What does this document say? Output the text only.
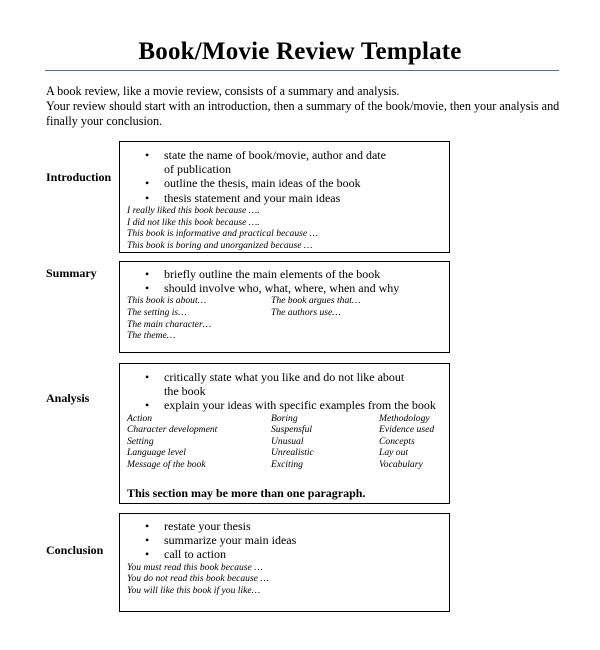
Book/Movie Review Template
A book review, like a movie review, consists of a summary and analysis.
Your review should start with an introduction, then a summary of the book/movie, then your analysis and
finally your conclusion.
Introduction
• state the name of book/movie, author and date of publication
• outline the thesis, main ideas of the book
• thesis statement and your main ideas
I really liked this book because ….
I did not like this book because ….
This book is informative and practical because …
This book is boring and unorganized because …
Summary
•	briefly outline the main elements of the book
• should involve who, what, where, when and why
This book is about…
The setting is…
The main character…
The theme…
The book argues that…
The authors use…
Analysis
• critically state what you like and do not like about the book
• explain your ideas with specific examples from the book
Action
Character development
Setting
Language level
Message of the book
Boring
Suspensful
Unusual
Unrealistic
Exciting
Methodology
Evidence used
Concepts
Lay out
Vocabulary
This section may be more than one paragraph.
Conclusion
• restate your thesis
• summarize your main ideas
• call to action
You must read this book because …
You do not read this book because …
You will like this book if you like…
